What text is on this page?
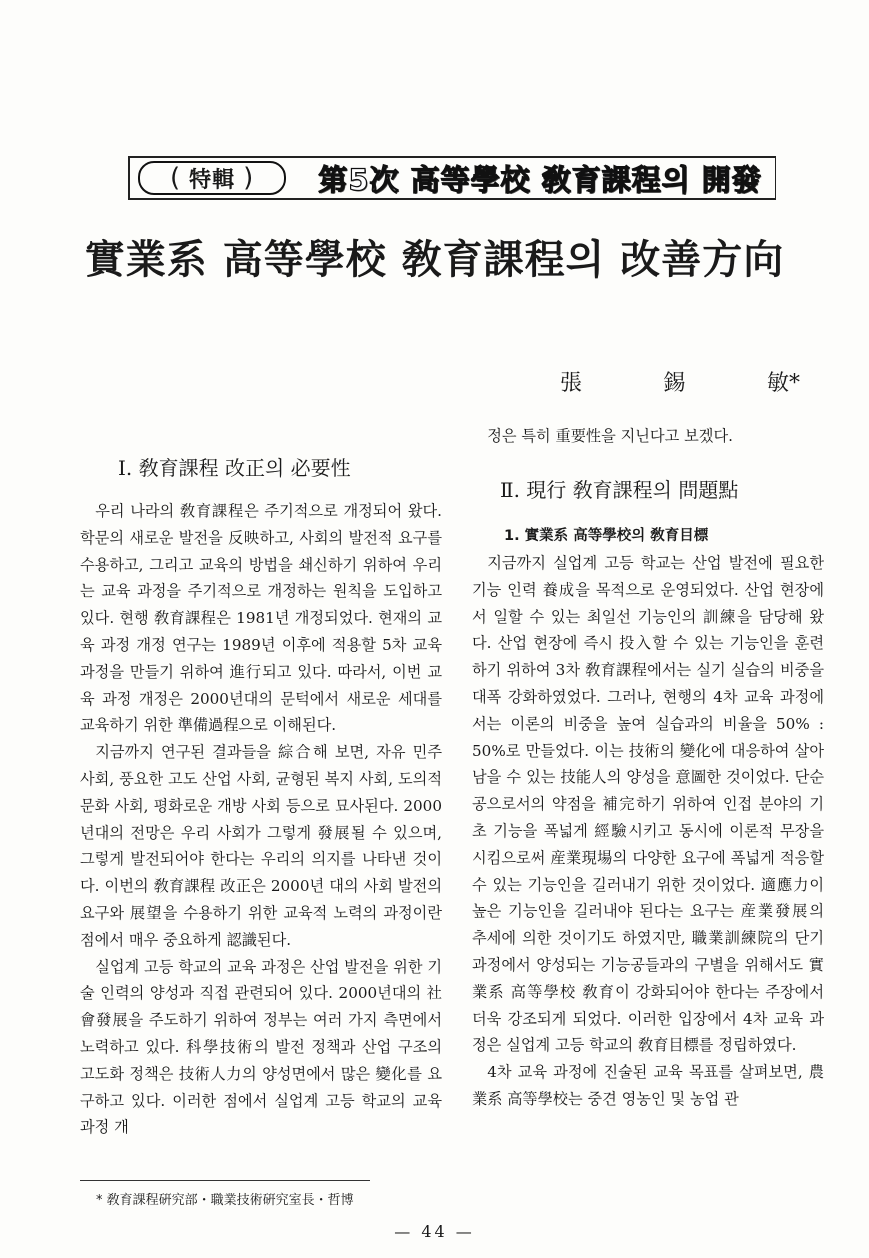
( 特輯 ) 第5次 高等學校 敎育課程의 開發
實業系 高等學校 敎育課程의 改善方向
張	錫	敏*
Ⅰ. 敎育課程 改正의 必要性

우리 나라의 敎育課程은 주기적으로 개정되어 왔다. 학문의 새로운 발전을 反映하고, 사회의 발전적 요구를 수용하고, 그리고 교육의 방법을 쇄신하기 위하여 우리는 교육 과정을 주기적으로 개정하는 원칙을 도입하고 있다. 현행 敎育課程은 1981년 개정되었다. 현재의 교육 과정 개정 연구는 1989년 이후에 적용할 5차 교육 과정을 만들기 위하여 進行되고 있다. 따라서, 이번 교육 과정 개정은 2000년대의 문턱에서 새로운 세대를 교육하기 위한 準備過程으로 이해된다.

지금까지 연구된 결과들을 綜合해 보면, 자유 민주 사회, 풍요한 고도 산업 사회, 균형된 복지 사회, 도의적 문화 사회, 평화로운 개방 사회 등으로 묘사된다. 2000년대의 전망은 우리 사회가 그렇게 發展될 수 있으며, 그렇게 발전되어야 한다는 우리의 의지를 나타낸 것이다. 이번의 敎育課程 改正은 2000년 대의 사회 발전의 요구와 展望을 수용하기 위한 교육적 노력의 과정이란 점에서 매우 중요하게 認識된다.

실업계 고등 학교의 교육 과정은 산업 발전을 위한 기술 인력의 양성과 직접 관련되어 있다. 2000년대의 社會發展을 주도하기 위하여 정부는 여러 가지 측면에서 노력하고 있다. 科學技術의 발전 정책과 산업 구조의 고도화 정책은 技術人力의 양성면에서 많은 變化를 요구하고 있다. 이러한 점에서 실업계 고등 학교의 교육 과정 개

정은 특히 重要性을 지닌다고 보겠다.

Ⅱ. 現行 敎育課程의 問題點
1. 實業系 高等學校의 敎育目標

지금까지 실업계 고등 학교는 산업 발전에 필요한 기능 인력 養成을 목적으로 운영되었다. 산업 현장에서 일할 수 있는 최일선 기능인의 訓練을 담당해 왔다. 산업 현장에 즉시 投入할 수 있는 기능인을 훈련하기 위하여 3차 敎育課程에서는 실기 실습의 비중을 대폭 강화하였었다. 그러나, 현행의 4차 교육 과정에서는 이론의 비중을 높여 실습과의 비율을 50% : 50%로 만들었다. 이는 技術의 變化에 대응하여 살아 남을 수 있는 技能人의 양성을 意圖한 것이었다. 단순공으로서의 약점을 補完하기 위하여 인접 분야의 기초 기능을 폭넓게 經驗시키고 동시에 이론적 무장을 시킴으로써 産業現場의 다양한 요구에 폭넓게 적응할 수 있는 기능인을 길러내기 위한 것이었다. 適應力이 높은 기능인을 길러내야 된다는 요구는 産業發展의 추세에 의한 것이기도 하였지만, 職業訓練院의 단기 과정에서 양성되는 기능공들과의 구별을 위해서도 實業系 高等學校 敎育이 강화되어야 한다는 주장에서 더욱 강조되게 되었다. 이러한 입장에서 4차 교육 과정은 실업계 고등 학교의 敎育目標를 정립하였다.

4차 교육 과정에 진술된 교육 목표를 살펴보면, 農業系 高等學校는 중견 영농인 및 농업 관

* 敎育課程硏究部・職業技術硏究室長・哲博
— 44 —
